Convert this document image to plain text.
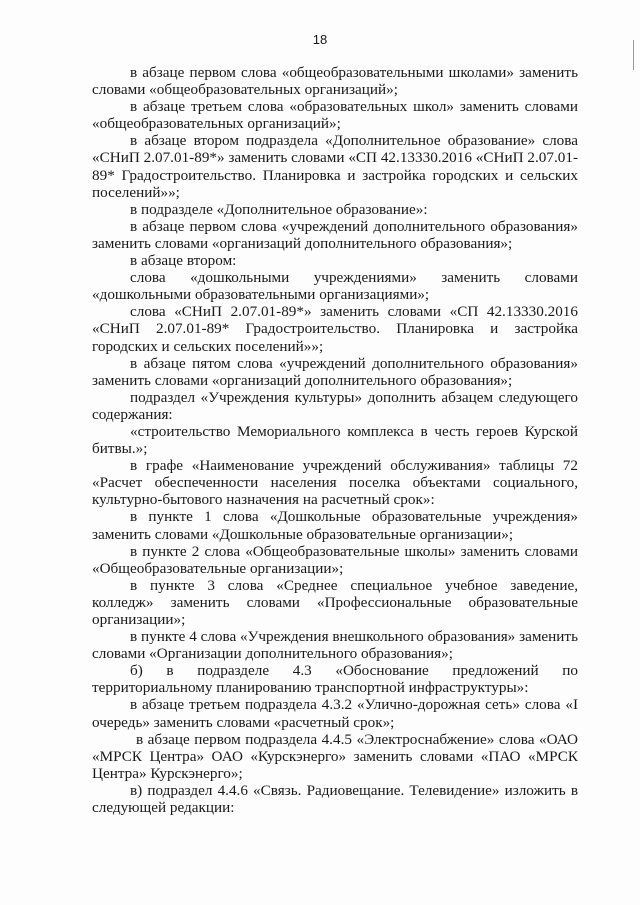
18

в абзаце первом слова «общеобразовательными школами» заменить словами «общеобразовательных организаций»;

в абзаце третьем слова «образовательных школ» заменить словами «общеобразовательных организаций»;

в абзаце втором подраздела «Дополнительное образование» слова «СНиП 2.07.01-89*» заменить словами «СП 42.13330.2016 «СНиП 2.07.01-89* Градостроительство. Планировка и застройка городских и сельских поселений»»;

в подразделе «Дополнительное образование»:

в абзаце первом слова «учреждений дополнительного образования» заменить словами «организаций дополнительного образования»;

в абзаце втором:

слова «дошкольными учреждениями» заменить словами «дошкольными образовательными организациями»;

слова «СНиП 2.07.01-89*» заменить словами «СП 42.13330.2016 «СНиП 2.07.01-89* Градостроительство. Планировка и застройка городских и сельских поселений»»;

в абзаце пятом слова «учреждений дополнительного образования» заменить словами «организаций дополнительного образования»;

подраздел «Учреждения культуры» дополнить абзацем следующего содержания:

«строительство Мемориального комплекса в честь героев Курской битвы.»;

в графе «Наименование учреждений обслуживания» таблицы 72 «Расчет обеспеченности населения поселка объектами социального, культурно-бытового назначения на расчетный срок»:

в пункте 1 слова «Дошкольные образовательные учреждения» заменить словами «Дошкольные образовательные организации»;

в пункте 2 слова «Общеобразовательные школы» заменить словами «Общеобразовательные организации»;

в пункте 3 слова «Среднее специальное учебное заведение, колледж» заменить словами «Профессиональные образовательные организации»;

в пункте 4 слова «Учреждения внешкольного образования» заменить словами «Организации дополнительного образования»;

б) в подразделе 4.3 «Обоснование предложений по территориальному планированию транспортной инфраструктуры»:

в абзаце третьем подраздела 4.3.2 «Улично-дорожная сеть» слова «I очередь» заменить словами «расчетный срок»;

в абзаце первом подраздела 4.4.5 «Электроснабжение» слова «ОАО «МРСК Центра» ОАО «Курскэнерго» заменить словами «ПАО «МРСК Центра» Курскэнерго»;

в) подраздел 4.4.6 «Связь. Радиовещание. Телевидение» изложить в следующей редакции:
